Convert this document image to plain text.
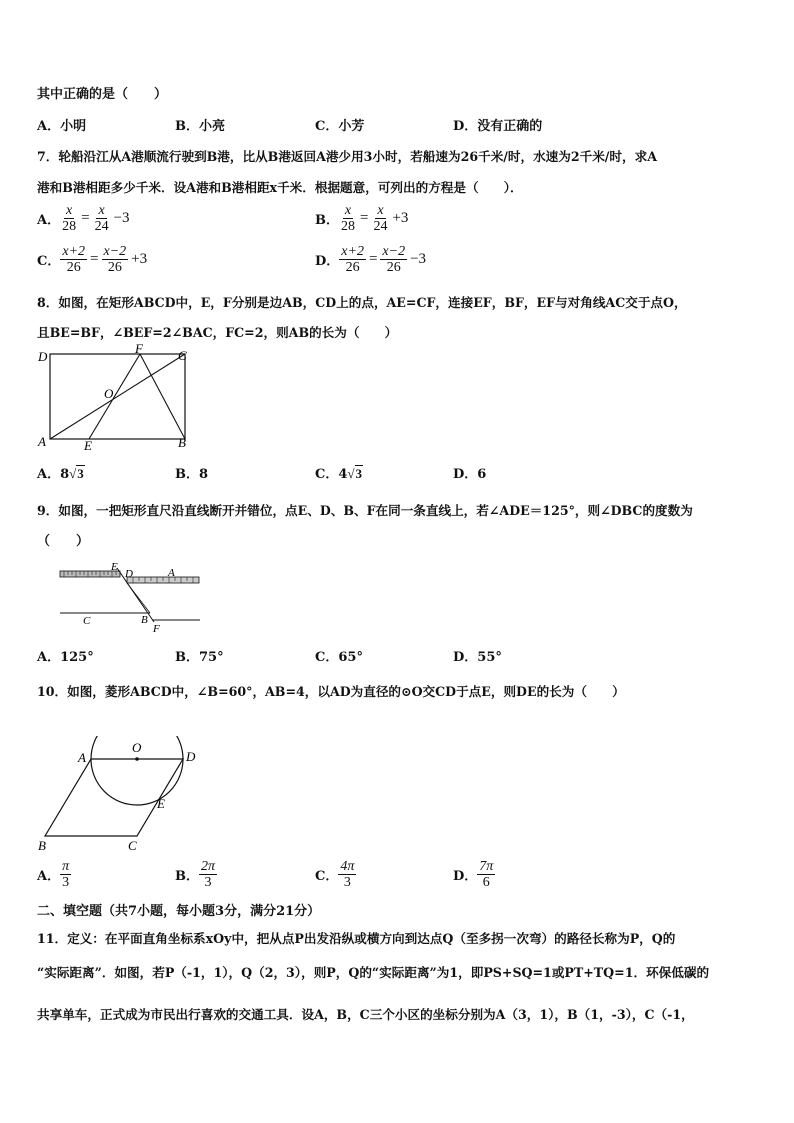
其中正确的是（　　）
A．小明	B．小亮	C．小芳	D．没有正确的
7．轮船沿江从A港顺流行驶到B港，比从B港返回A港少用3小时，若船速为26千米/时，水速为2千米/时，求A
港和B港相距多少千米．设A港和B港相距x千米．根据题意，可列出的方程是（　　）．
A． $\frac{x}{28} = \frac{x}{24} -3$	B． $\frac{x}{28} = \frac{x}{24} +3$
C． $\frac{x+2}{26} = \frac{x-2}{26} +3$	D． $\frac{x+2}{26} = \frac{x-2}{26} -3$
8．如图，在矩形ABCD中，E，F分别是边AB，CD上的点，AE=CF，连接EF，BF，EF与对角线AC交于点O，
且BE=BF，∠BEF=2∠BAC，FC=2，则AB的长为（　　）
D
F	C
O
A	E	B
A．8√3	B．8	C．4√3	D．6
9．如图，一把矩形直尺沿直线断开并错位，点E、D、B、F在同一条直线上，若∠ADE＝125°，则∠DBC的度数为
（　　）
E
D	A
C	B
F
A．125°	B．75°	C．65°	D．55°
10．如图，菱形ABCD中，∠B=60°，AB=4，以AD为直径的⊙O交CD于点E，则DE的长为（　　）
A
O
D
E
B	C
A． $\frac{\pi}{3}$	B． $\frac{2\pi}{3}$	C． $\frac{4\pi}{3}$	D． $\frac{7\pi}{6}$
二、填空题（共7小题，每小题3分，满分21分）
11．定义：在平面直角坐标系xOy中，把从点P出发沿纵或横方向到达点Q（至多拐一次弯）的路径长称为P，Q的
“实际距离”．如图，若P（-1，1），Q（2，3），则P，Q的“实际距离”为1，即PS+SQ=1或PT+TQ=1．环保低碳的
共享单车，正式成为市民出行喜欢的交通工具．设A，B，C三个小区的坐标分别为A（3，1），B（1，-3），C（-1，
